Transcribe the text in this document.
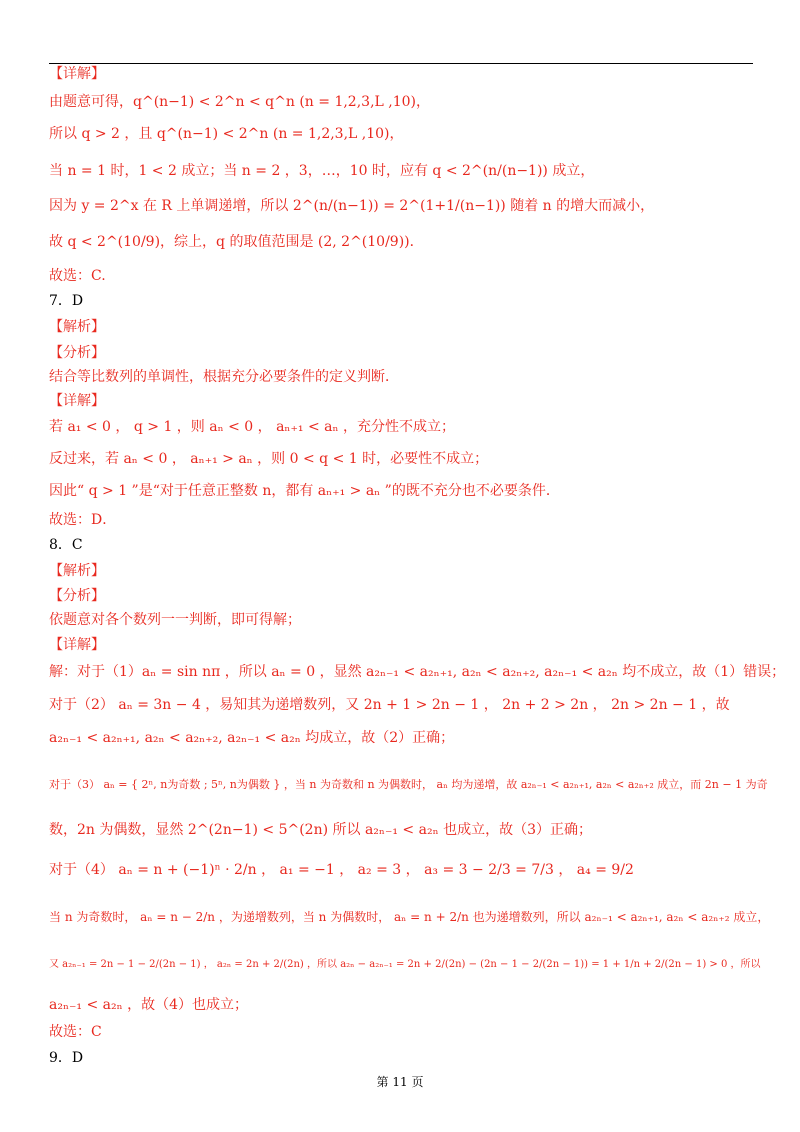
【详解】
由题意可得，q^(n−1) < 2^n < q^n (n = 1,2,3,L ,10)，
所以 q > 2 ，且 q^(n−1) < 2^n (n = 1,2,3,L ,10)，
当 n = 1 时，1 < 2 成立；当 n = 2 ，3，…，10 时，应有 q < 2^(n/(n−1)) 成立，
因为 y = 2^x 在 R 上单调递增，所以 2^(n/(n−1)) = 2^(1+1/(n−1)) 随着 n 的增大而减小，
故 q < 2^(10/9)，综上，q 的取值范围是 (2, 2^(10/9))．
故选：C.
7．D
【解析】
【分析】
结合等比数列的单调性，根据充分必要条件的定义判断．
【详解】
若 a₁ < 0 ， q > 1 ，则 aₙ < 0 ， aₙ₊₁ < aₙ ，充分性不成立；
反过来，若 aₙ < 0 ， aₙ₊₁ > aₙ ，则 0 < q < 1 时，必要性不成立；
因此“ q > 1 ”是“对于任意正整数 n，都有 aₙ₊₁ > aₙ ”的既不充分也不必要条件．
故选：D．
8．C
【解析】
【分析】
依题意对各个数列一一判断，即可得解；
【详解】
解：对于（1）aₙ = sin nπ ，所以 aₙ = 0 ，显然 a₂ₙ₋₁ < a₂ₙ₊₁, a₂ₙ < a₂ₙ₊₂, a₂ₙ₋₁ < a₂ₙ 均不成立，故（1）错误；
对于（2） aₙ = 3n − 4 ，易知其为递增数列，又 2n + 1 > 2n − 1 ， 2n + 2 > 2n ， 2n > 2n − 1 ，故
a₂ₙ₋₁ < a₂ₙ₊₁, a₂ₙ < a₂ₙ₊₂, a₂ₙ₋₁ < a₂ₙ 均成立，故（2）正确；
对于（3） aₙ = { 2ⁿ, n为奇数 ; 5ⁿ, n为偶数 } ，当 n 为奇数和 n 为偶数时， aₙ 均为递增，故 a₂ₙ₋₁ < a₂ₙ₊₁, a₂ₙ < a₂ₙ₊₂ 成立，而 2n − 1 为奇
数，2n 为偶数，显然 2^(2n−1) < 5^(2n) 所以 a₂ₙ₋₁ < a₂ₙ 也成立，故（3）正确；
对于（4） aₙ = n + (−1)ⁿ · 2/n ， a₁ = −1 ， a₂ = 3 ， a₃ = 3 − 2/3 = 7/3 ， a₄ = 9/2
当 n 为奇数时， aₙ = n − 2/n ，为递增数列，当 n 为偶数时， aₙ = n + 2/n 也为递增数列，所以 a₂ₙ₋₁ < a₂ₙ₊₁, a₂ₙ < a₂ₙ₊₂ 成立，
又 a₂ₙ₋₁ = 2n − 1 − 2/(2n − 1) ， a₂ₙ = 2n + 2/(2n) ，所以 a₂ₙ − a₂ₙ₋₁ = 2n + 2/(2n) − (2n − 1 − 2/(2n − 1)) = 1 + 1/n + 2/(2n − 1) > 0 ，所以
a₂ₙ₋₁ < a₂ₙ ，故（4）也成立；
故选：C
9．D
第 11 页
